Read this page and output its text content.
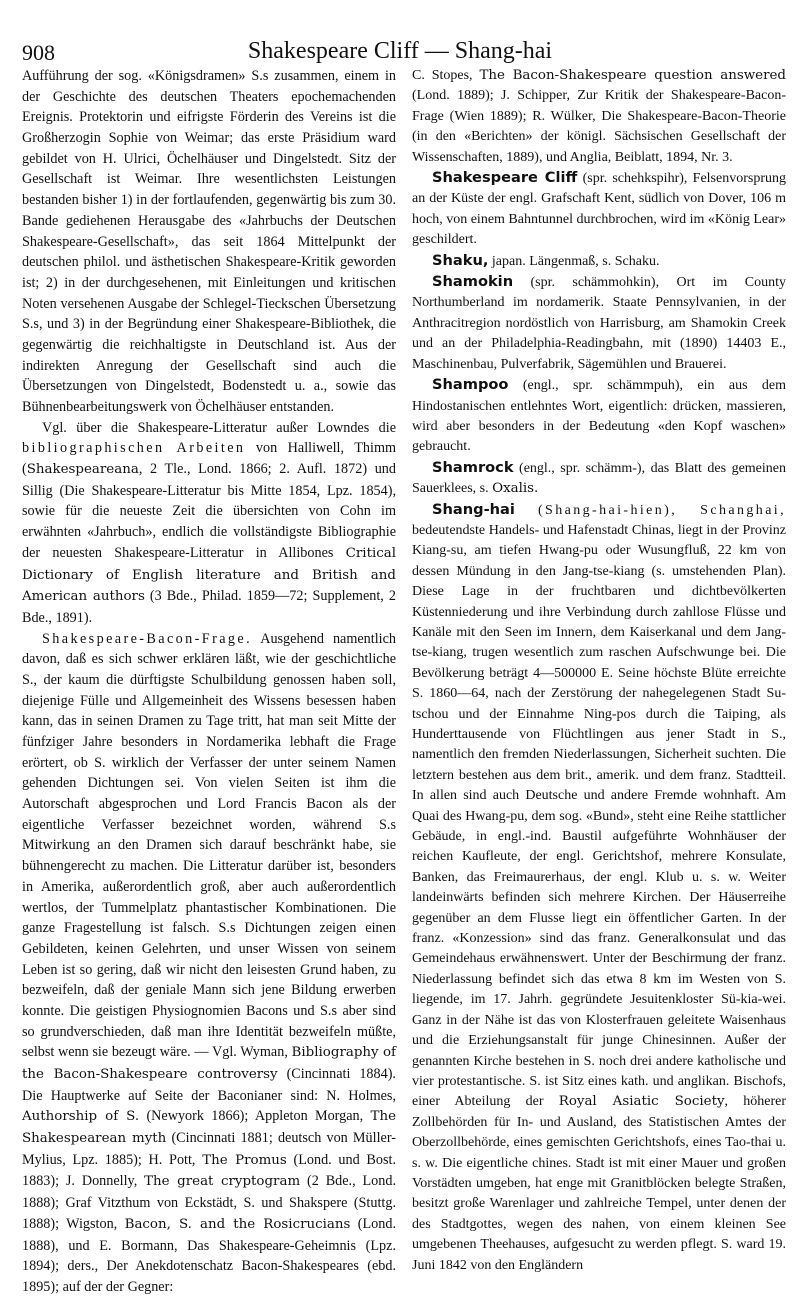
908	Shakespeare Cliff — Shang-hai

Aufführung der sog. «Königsdramen» S.s zusammen, einem in der Geschichte des deutschen Theaters epochemachenden Ereignis. Protektorin und eifrigste Förderin des Vereins ist die Großherzogin Sophie von Weimar; das erste Präsidium ward gebildet von H. Ulrici, Öchelhäuser und Dingelstedt. Sitz der Gesellschaft ist Weimar. Ihre wesentlichsten Leistungen bestanden bisher 1) in der fortlaufenden, gegenwärtig bis zum 30. Bande gediehenen Herausgabe des «Jahrbuchs der Deutschen Shakespeare-Gesellschaft», das seit 1864 Mittelpunkt der deutschen philol. und ästhetischen Shakespeare-Kritik geworden ist; 2) in der durchgesehenen, mit Einleitungen und kritischen Noten versehenen Ausgabe der Schlegel-Tieckschen Übersetzung S.s, und 3) in der Begründung einer Shakespeare-Bibliothek, die gegenwärtig die reichhaltigste in Deutschland ist. Aus der indirekten Anregung der Gesellschaft sind auch die Übersetzungen von Dingelstedt, Bodenstedt u. a., sowie das Bühnenbearbeitungswerk von Öchelhäuser entstanden.

Vgl. über die Shakespeare-Litteratur außer Lowndes die bibliographischen Arbeiten von Halliwell, Thimm (Shakespeareana, 2 Tle., Lond. 1866; 2. Aufl. 1872) und Sillig (Die Shakespeare-Litteratur bis Mitte 1854, Lpz. 1854), sowie für die neueste Zeit die übersichten von Cohn im erwähnten «Jahrbuch», endlich die vollständigste Bibliographie der neuesten Shakespeare-Litteratur in Allibones Critical Dictionary of English literature and British and American authors (3 Bde., Philad. 1859—72; Supplement, 2 Bde., 1891).

Shakespeare-Bacon-Frage. Ausgehend namentlich davon, daß es sich schwer erklären läßt, wie der geschichtliche S., der kaum die dürftigste Schulbildung genossen haben soll, diejenige Fülle und Allgemeinheit des Wissens besessen haben kann, das in seinen Dramen zu Tage tritt, hat man seit Mitte der fünfziger Jahre besonders in Nordamerika lebhaft die Frage erörtert, ob S. wirklich der Verfasser der unter seinem Namen gehenden Dichtungen sei. Von vielen Seiten ist ihm die Autorschaft abgesprochen und Lord Francis Bacon als der eigentliche Verfasser bezeichnet worden, während S.s Mitwirkung an den Dramen sich darauf beschränkt habe, sie bühnengerecht zu machen. Die Litteratur darüber ist, besonders in Amerika, außerordentlich groß, aber auch außerordentlich wertlos, der Tummelplatz phantastischer Kombinationen. Die ganze Fragestellung ist falsch. S.s Dichtungen zeigen einen Gebildeten, keinen Gelehrten, und unser Wissen von seinem Leben ist so gering, daß wir nicht den leisesten Grund haben, zu bezweifeln, daß der geniale Mann sich jene Bildung erwerben konnte. Die geistigen Physiognomien Bacons und S.s aber sind so grundverschieden, daß man ihre Identität bezweifeln müßte, selbst wenn sie bezeugt wäre. — Vgl. Wyman, Bibliography of the Bacon-Shakespeare controversy (Cincinnati 1884). Die Hauptwerke auf Seite der Baconianer sind: N. Holmes, Authorship of S. (Newyork 1866); Appleton Morgan, The Shakespearean myth (Cincinnati 1881; deutsch von Müller-Mylius, Lpz. 1885); H. Pott, The Promus (Lond. und Bost. 1883); J. Donnelly, The great cryptogram (2 Bde., Lond. 1888); Graf Vitzthum von Eckstädt, S. und Shakspere (Stuttg. 1888); Wigston, Bacon, S. and the Rosicrucians (Lond. 1888), und E. Bormann, Das Shakespeare-Geheimnis (Lpz. 1894); ders., Der Anekdotenschatz Bacon-Shakespeares (ebd. 1895); auf der der Gegner:

C. Stopes, The Bacon-Shakespeare question answered (Lond. 1889); J. Schipper, Zur Kritik der Shakespeare-Bacon-Frage (Wien 1889); R. Wülker, Die Shakespeare-Bacon-Theorie (in den «Berichten» der königl. Sächsischen Gesellschaft der Wissenschaften, 1889), und Anglia, Beiblatt, 1894, Nr. 3.

Shakespeare Cliff (spr. schehkspihr), Felsenvorsprung an der Küste der engl. Grafschaft Kent, südlich von Dover, 106 m hoch, von einem Bahntunnel durchbrochen, wird im «König Lear» geschildert.

Shaku, japan. Längenmaß, s. Schaku.

Shamokin (spr. schämmohkin), Ort im County Northumberland im nordamerik. Staate Pennsylvanien, in der Anthracitregion nordöstlich von Harrisburg, am Shamokin Creek und an der Philadelphia-Readingbahn, mit (1890) 14403 E., Maschinenbau, Pulverfabrik, Sägemühlen und Brauerei.

Shampoo (engl., spr. schämmpuh), ein aus dem Hindostanischen entlehntes Wort, eigentlich: drücken, massieren, wird aber besonders in der Bedeutung «den Kopf waschen» gebraucht.

Shamrock (engl., spr. schämm-), das Blatt des gemeinen Sauerklees, s. Oxalis.

Shang-hai (Shang-hai-hien), Schanghai, bedeutendste Handels- und Hafenstadt Chinas, liegt in der Provinz Kiang-su, am tiefen Hwang-pu oder Wusungfluß, 22 km von dessen Mündung in den Jang-tse-kiang (s. umstehenden Plan). Diese Lage in der fruchtbaren und dichtbevölkerten Küstenniederung und ihre Verbindung durch zahllose Flüsse und Kanäle mit den Seen im Innern, dem Kaiserkanal und dem Jang-tse-kiang, trugen wesentlich zum raschen Aufschwunge bei. Die Bevölkerung beträgt 4—500000 E. Seine höchste Blüte erreichte S. 1860—64, nach der Zerstörung der nahegelegenen Stadt Su-tschou und der Einnahme Ning-pos durch die Taiping, als Hunderttausende von Flüchtlingen aus jener Stadt in S., namentlich den fremden Niederlassungen, Sicherheit suchten. Die letztern bestehen aus dem brit., amerik. und dem franz. Stadtteil. In allen sind auch Deutsche und andere Fremde wohnhaft. Am Quai des Hwang-pu, dem sog. «Bund», steht eine Reihe stattlicher Gebäude, in engl.-ind. Baustil aufgeführte Wohnhäuser der reichen Kaufleute, der engl. Gerichtshof, mehrere Konsulate, Banken, das Freimaurerhaus, der engl. Klub u. s. w. Weiter landeinwärts befinden sich mehrere Kirchen. Der Häuserreihe gegenüber an dem Flusse liegt ein öffentlicher Garten. In der franz. «Konzession» sind das franz. Generalkonsulat und das Gemeindehaus erwähnenswert. Unter der Beschirmung der franz. Niederlassung befindet sich das etwa 8 km im Westen von S. liegende, im 17. Jahrh. gegründete Jesuitenkloster Sü-kia-wei. Ganz in der Nähe ist das von Klosterfrauen geleitete Waisenhaus und die Erziehungsanstalt für junge Chinesinnen. Außer der genannten Kirche bestehen in S. noch drei andere katholische und vier protestantische. S. ist Sitz eines kath. und anglikan. Bischofs, einer Abteilung der Royal Asiatic Society, höherer Zollbehörden für In- und Ausland, des Statistischen Amtes der Oberzollbehörde, eines gemischten Gerichtshofs, eines Tao-thai u. s. w. Die eigentliche chines. Stadt ist mit einer Mauer und großen Vorstädten umgeben, hat enge mit Granitblöcken belegte Straßen, besitzt große Warenlager und zahlreiche Tempel, unter denen der des Stadtgottes, wegen des nahen, von einem kleinen See umgebenen Theehauses, aufgesucht zu werden pflegt. S. ward 19. Juni 1842 von den Engländern
